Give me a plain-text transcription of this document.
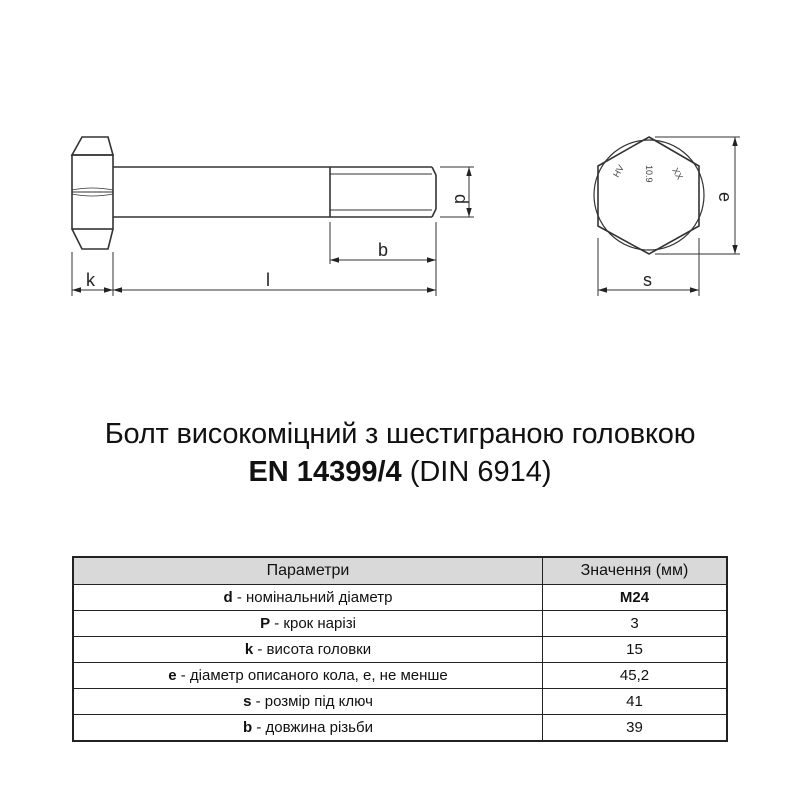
k	l
b
d
HV 10.9 XX
s
e
Болт високоміцний з шестиграною головкою
EN 14399/4 (DIN 6914)
Параметри	Значення (мм)
d - номінальний діаметр	M24
P - крок нарізі	3
k - висота головки	15
e - діаметр описаного кола, е, не менше	45,2
s - розмір під ключ	41
b - довжина різьби	39
